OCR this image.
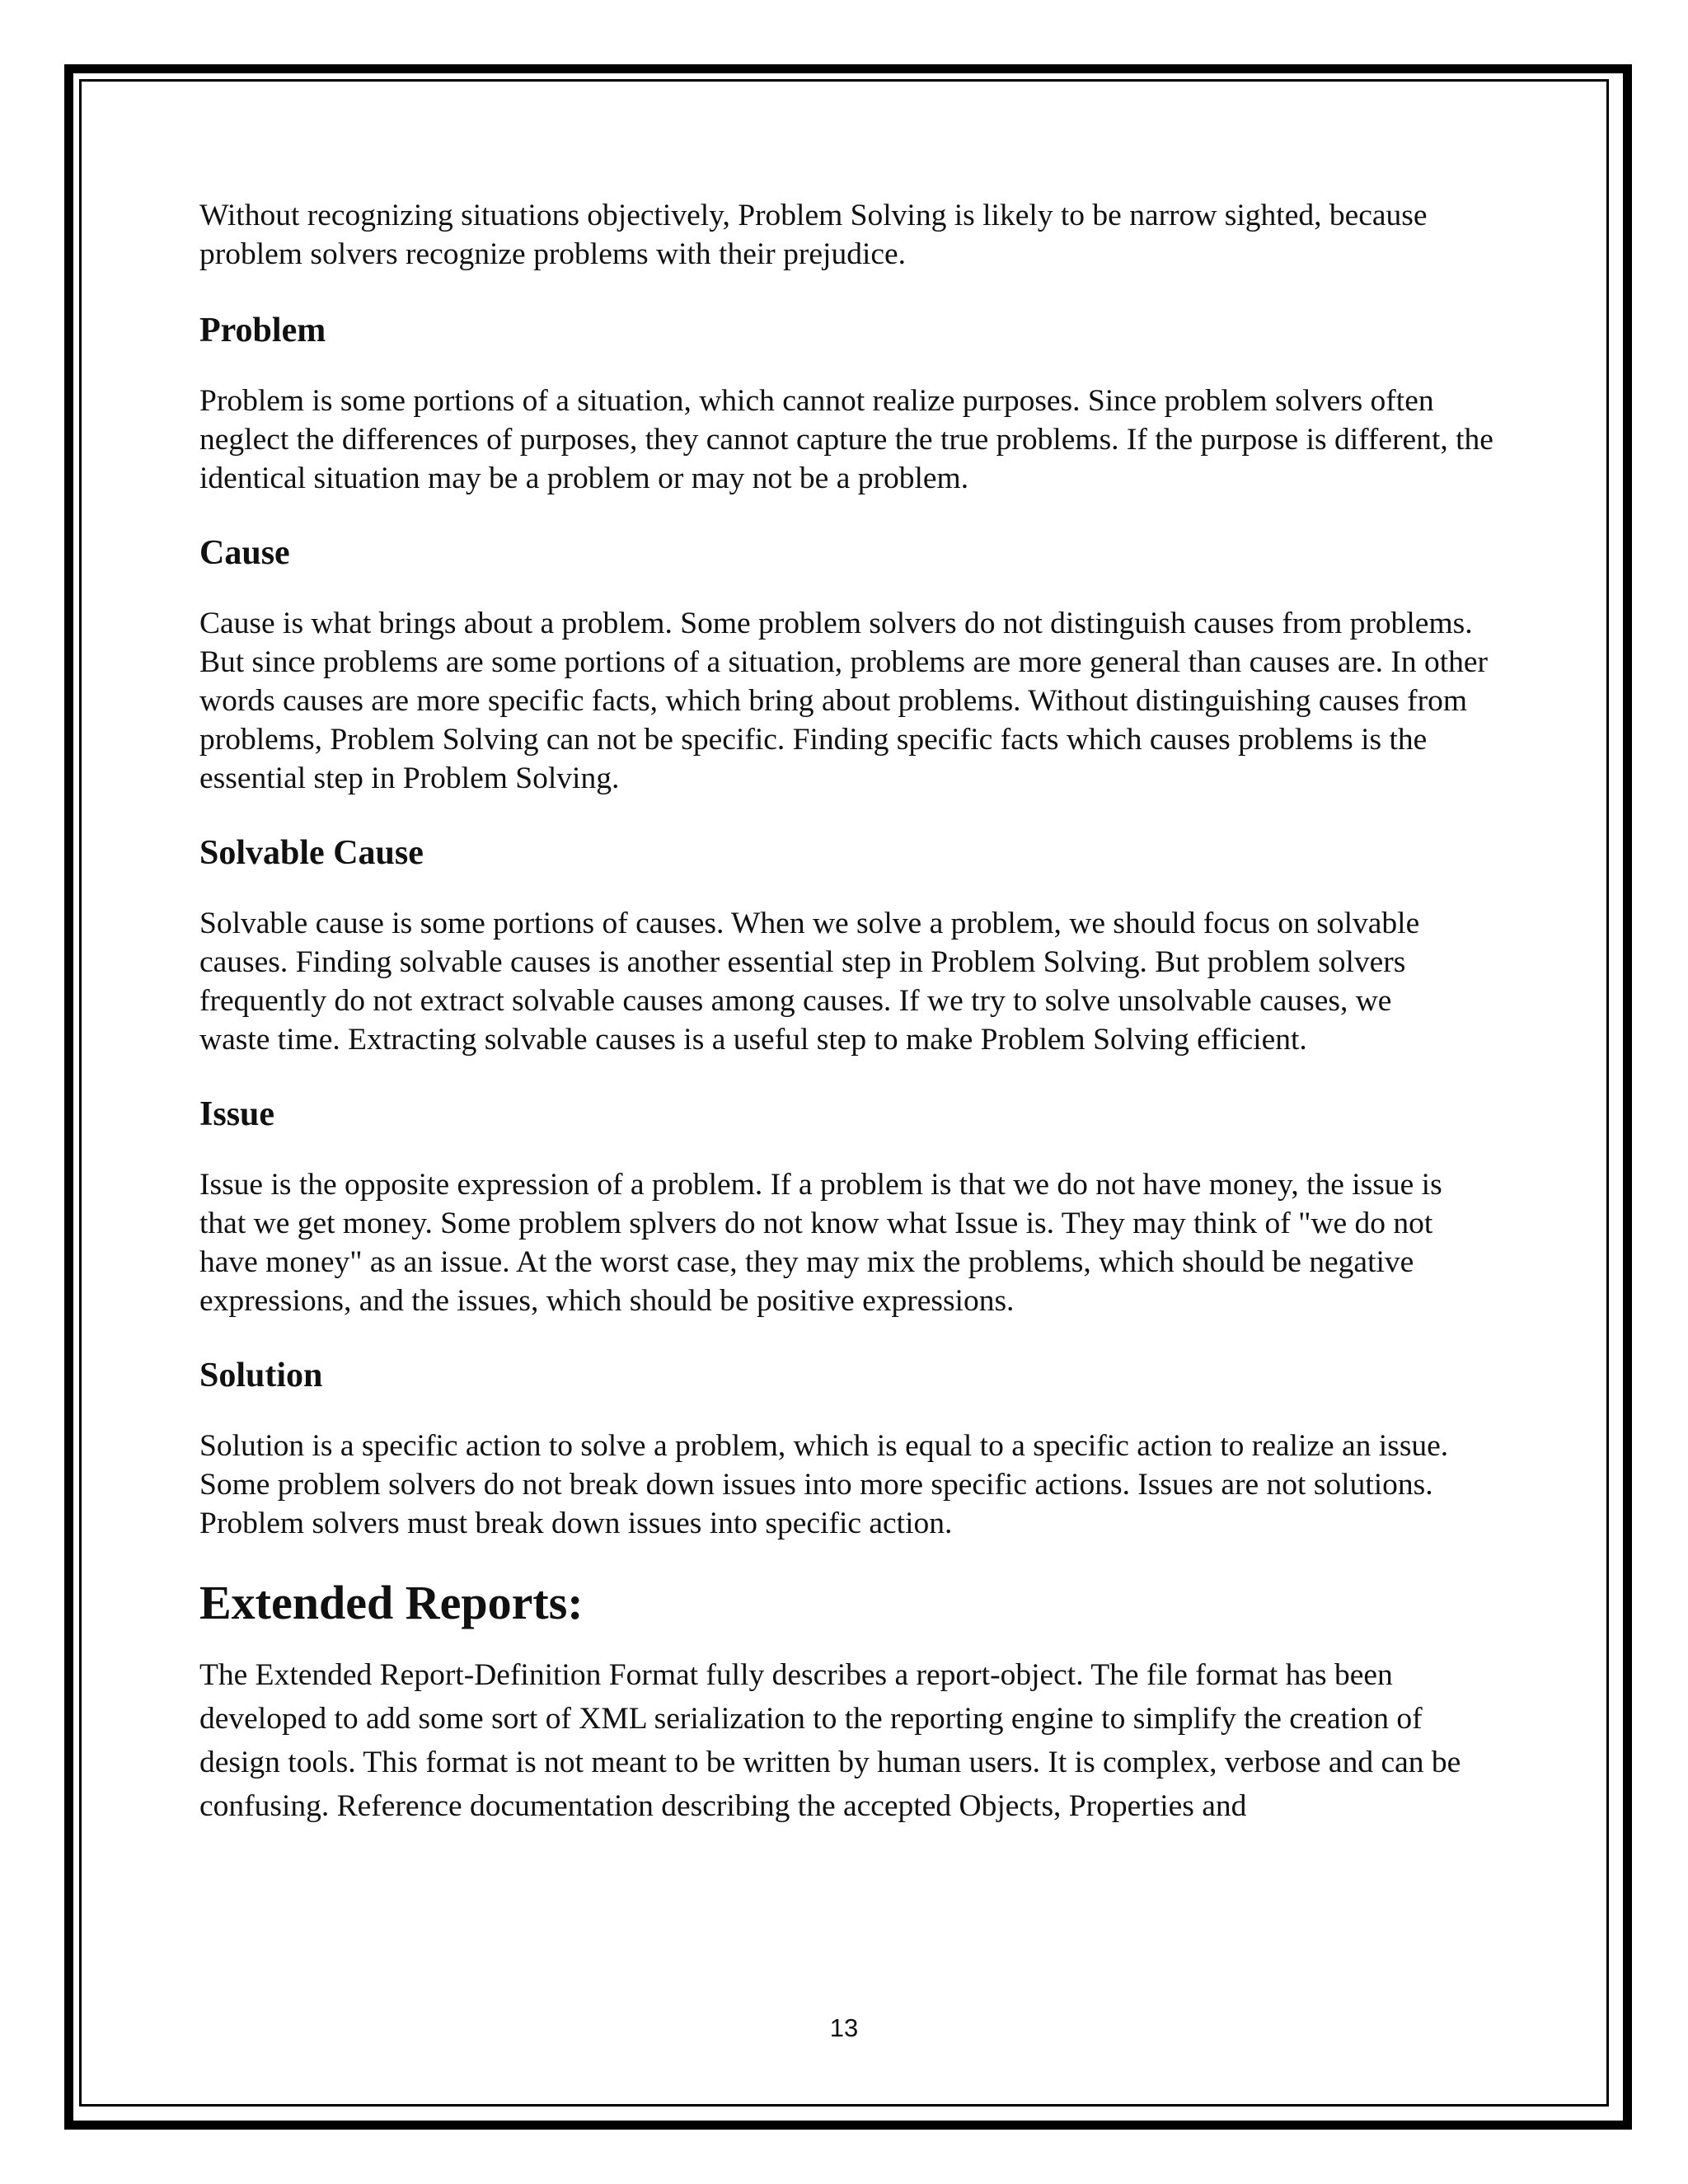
Without recognizing situations objectively, Problem Solving is likely to be narrow sighted, because problem solvers recognize problems with their prejudice.

Problem

Problem is some portions of a situation, which cannot realize purposes. Since problem solvers often neglect the differences of purposes, they cannot capture the true problems. If the purpose is different, the identical situation may be a problem or may not be a problem.

Cause

Cause is what brings about a problem. Some problem solvers do not distinguish causes from problems. But since problems are some portions of a situation, problems are more general than causes are. In other words causes are more specific facts, which bring about problems. Without distinguishing causes from problems, Problem Solving can not be specific. Finding specific facts which causes problems is the essential step in Problem Solving.

Solvable Cause

Solvable cause is some portions of causes. When we solve a problem, we should focus on solvable causes. Finding solvable causes is another essential step in Problem Solving. But problem solvers frequently do not extract solvable causes among causes. If we try to solve unsolvable causes, we waste time. Extracting solvable causes is a useful step to make Problem Solving efficient.

Issue

Issue is the opposite expression of a problem. If a problem is that we do not have money, the issue is that we get money. Some problem splvers do not know what Issue is. They may think of "we do not have money" as an issue. At the worst case, they may mix the problems, which should be negative expressions, and the issues, which should be positive expressions.

Solution

Solution is a specific action to solve a problem, which is equal to a specific action to realize an issue. Some problem solvers do not break down issues into more specific actions. Issues are not solutions. Problem solvers must break down issues into specific action.

Extended Reports:

The Extended Report-Definition Format fully describes a report-object. The file format has been developed to add some sort of XML serialization to the reporting engine to simplify the creation of design tools. This format is not meant to be written by human users. It is complex, verbose and can be confusing. Reference documentation describing the accepted Objects, Properties and

13
